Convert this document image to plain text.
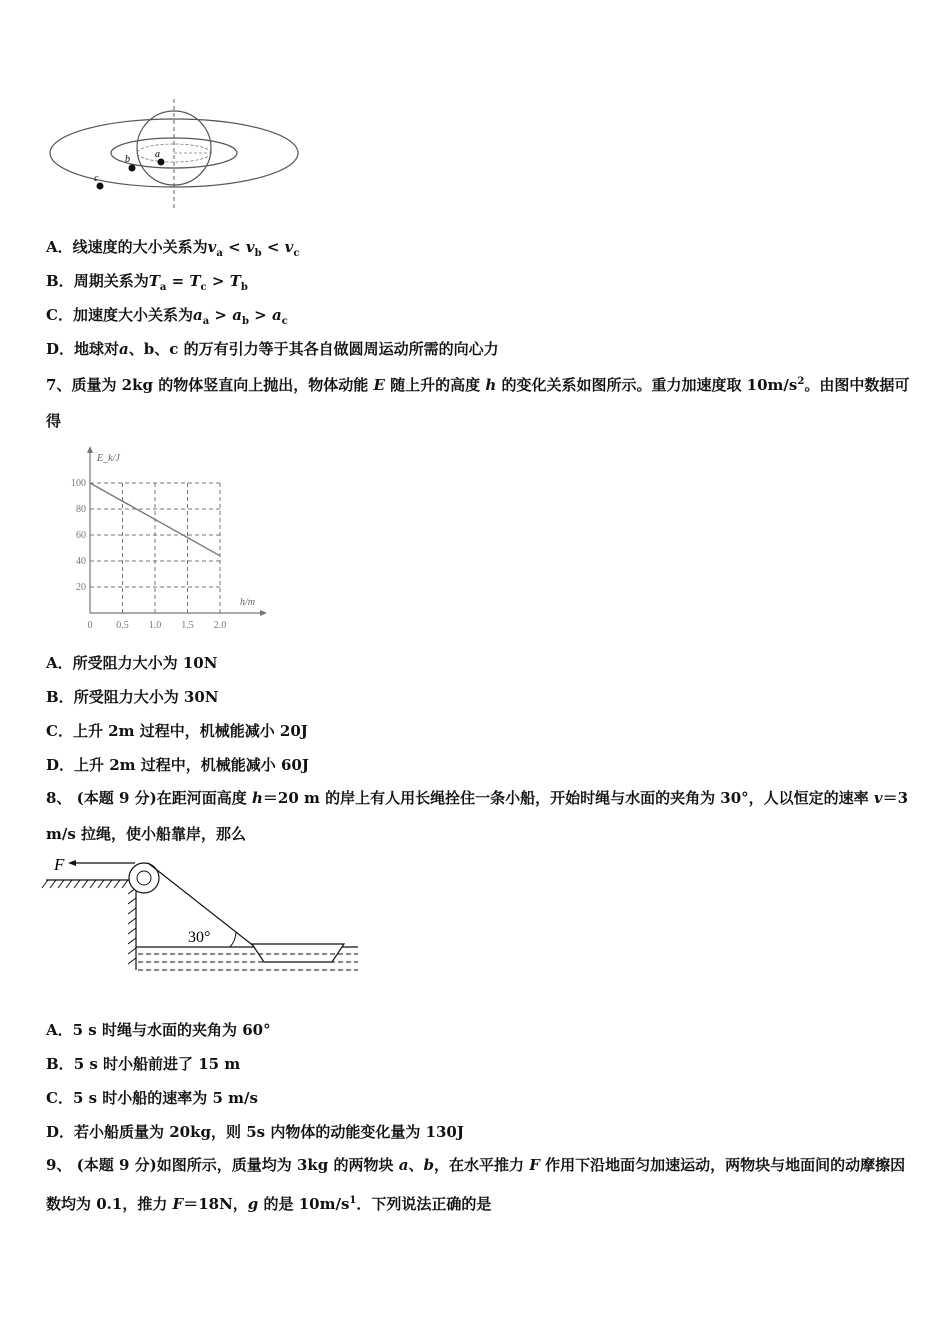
a
b
c
A．线速度的大小关系为$v_a < v_b < v_c$
B．周期关系为$T_a = T_c > T_b$
C．加速度大小关系为$a_a > a_b > a_c$
D．地球对a、b、c 的万有引力等于其各自做圆周运动所需的向心力
7、质量为 2kg 的物体竖直向上抛出，物体动能 E 随上升的高度 h 的变化关系如图所示。重力加速度取 $10m/s^2$。由图中数据可得
E_k/J
h/m
0 0.5 1.0 1.5 2.0
20
40
60
80
100
A．所受阻力大小为 10N
B．所受阻力大小为 30N
C．上升 2m 过程中，机械能减小 20J
D．上升 2m 过程中，机械能减小 60J
8、 (本题 9 分)在距河面高度 h＝20 m 的岸上有人用长绳拴住一条小船，开始时绳与水面的夹角为 30°，人以恒定的速率 v＝3 m/s 拉绳，使小船靠岸，那么
F
30°
A．5 s 时绳与水面的夹角为 60°
B．5 s 时小船前进了 15 m
C．5 s 时小船的速率为 5 m/s
D．若小船质量为 20kg，则 5s 内物体的动能变化量为 130J
9、 (本题 9 分)如图所示，质量均为 3kg 的两物块 a、b，在水平推力 F 作用下沿地面匀加速运动，两物块与地面间的动摩擦因数均为 0.1，推力 F＝18N，g 的是 $10m/s^1$．下列说法正确的是
